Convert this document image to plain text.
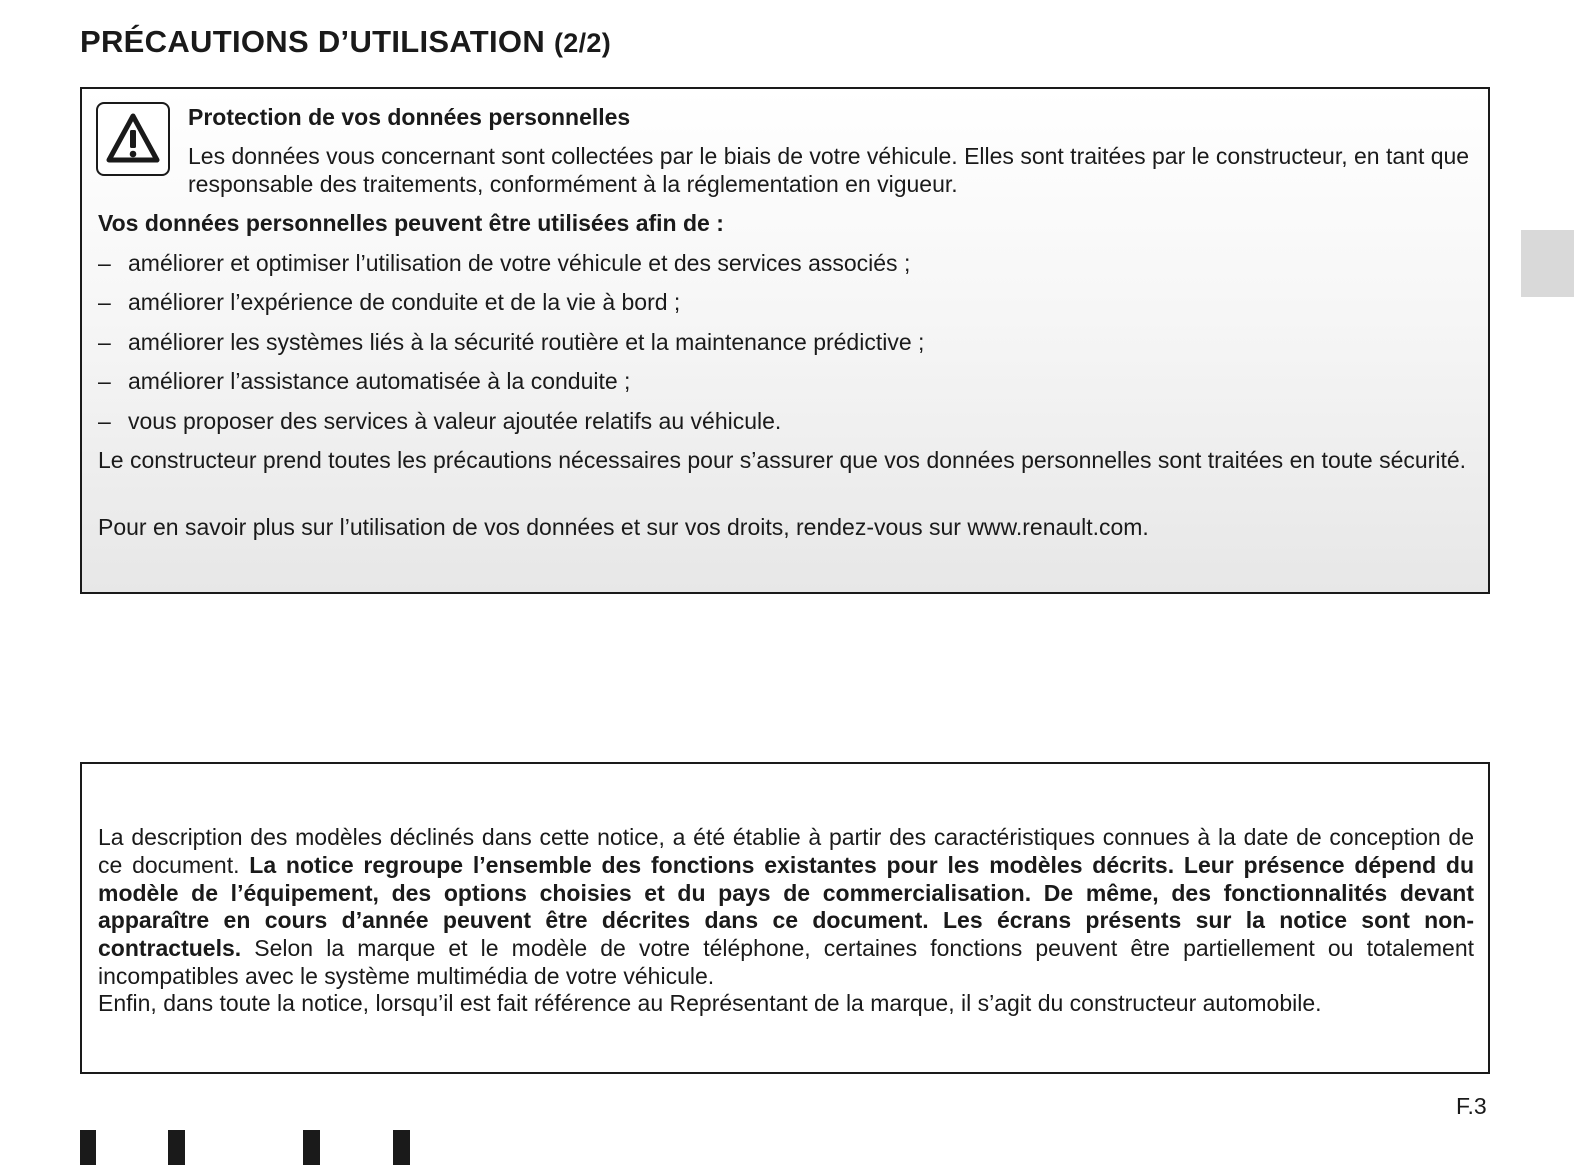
PRÉCAUTIONS D’UTILISATION (2/2)

Protection de vos données personnelles

Les données vous concernant sont collectées par le biais de votre véhicule. Elles sont traitées par le constructeur, en tant que responsable des traitements, conformément à la réglementation en vigueur.

Vos données personnelles peuvent être utilisées afin de :

– améliorer et optimiser l’utilisation de votre véhicule et des services associés ;
– améliorer l’expérience de conduite et de la vie à bord ;
– améliorer les systèmes liés à la sécurité routière et la maintenance prédictive ;
– améliorer l’assistance automatisée à la conduite ;
– vous proposer des services à valeur ajoutée relatifs au véhicule.

Le constructeur prend toutes les précautions nécessaires pour s’assurer que vos données personnelles sont traitées en toute sécurité.

Pour en savoir plus sur l’utilisation de vos données et sur vos droits, rendez-vous sur www.renault.com.

La description des modèles déclinés dans cette notice, a été établie à partir des caractéristiques connues à la date de conception de ce document. La notice regroupe l’ensemble des fonctions existantes pour les modèles décrits. Leur présence dépend du modèle de l’équipement, des options choisies et du pays de commercialisation. De même, des fonctionnalités devant apparaître en cours d’année peuvent être décrites dans ce document. Les écrans présents sur la notice sont non-contractuels. Selon la marque et le modèle de votre téléphone, certaines fonctions peuvent être partiellement ou totalement incompatibles avec le système multimédia de votre véhicule.

Enfin, dans toute la notice, lorsqu’il est fait référence au Représentant de la marque, il s’agit du constructeur automobile.

F.3
